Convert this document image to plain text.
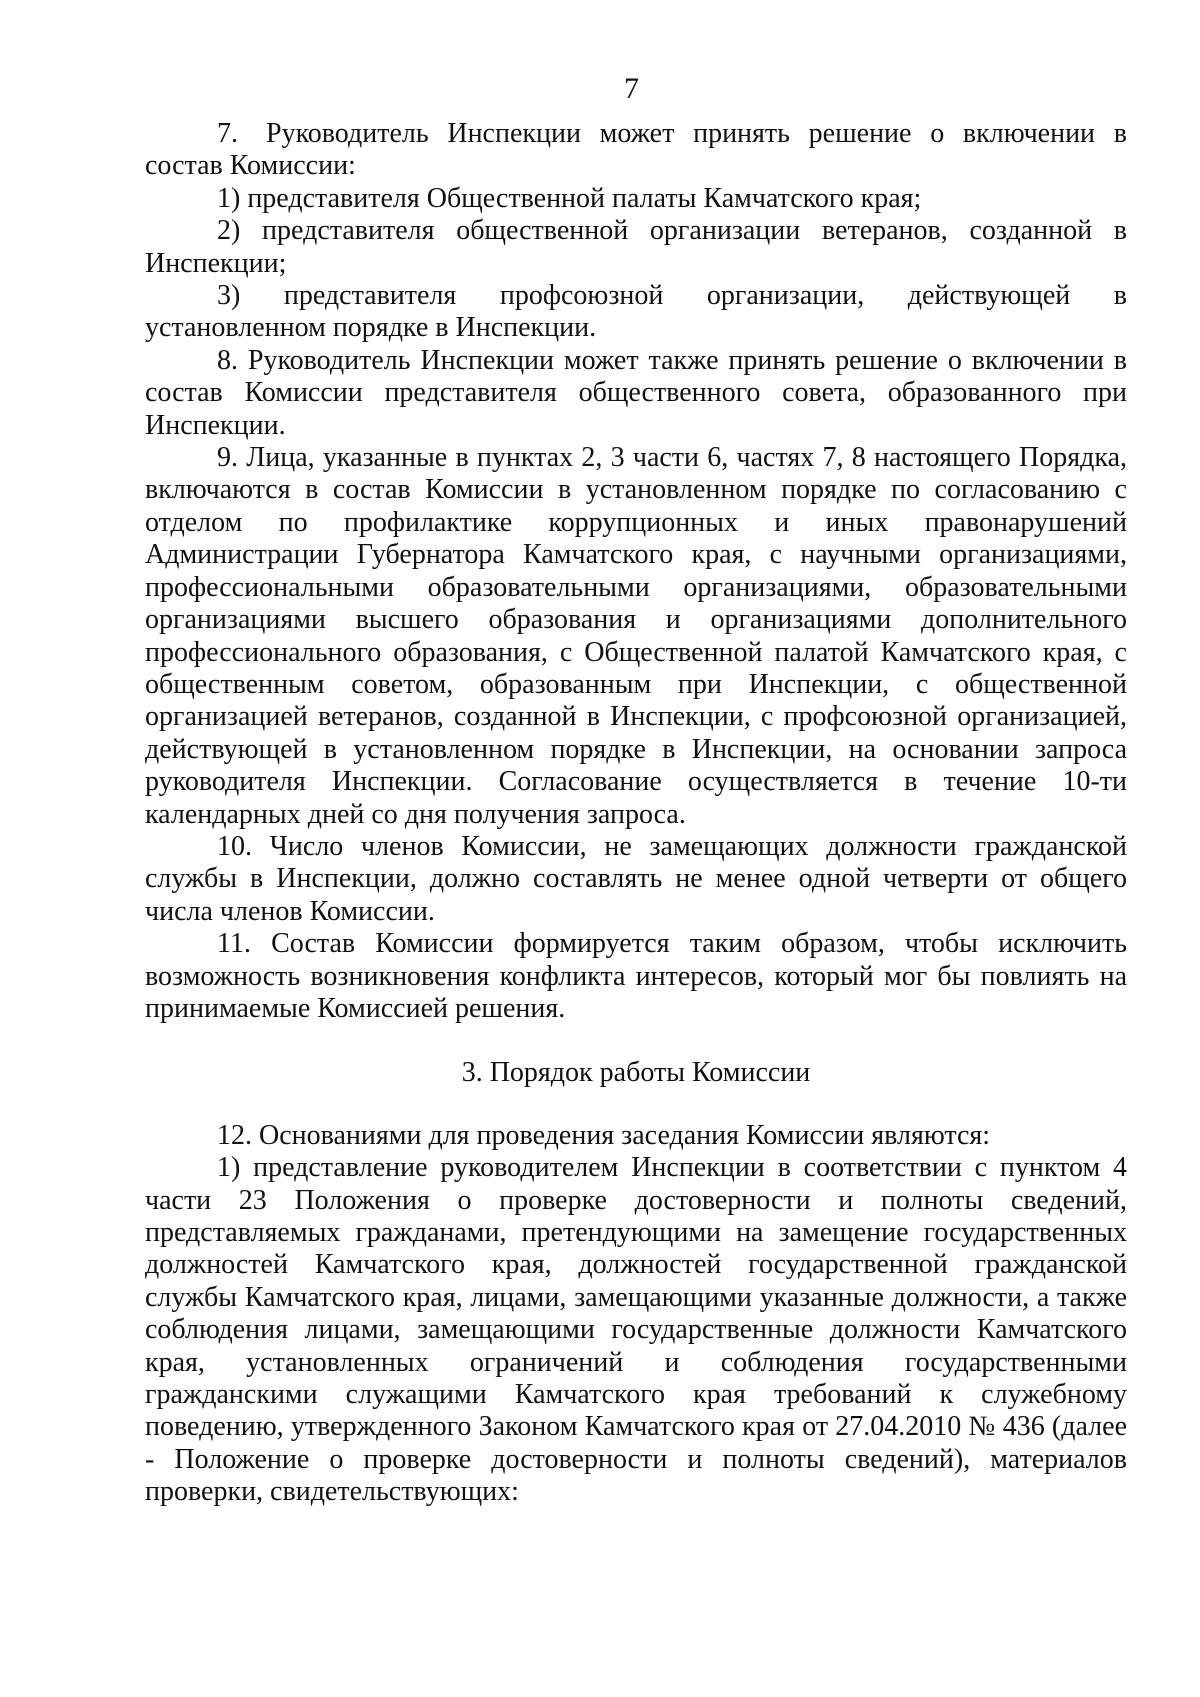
7

7. Руководитель Инспекции может принять решение о включении в состав Комиссии:

1) представителя Общественной палаты Камчатского края;

2) представителя общественной организации ветеранов, созданной в Инспекции;

3) представителя профсоюзной организации, действующей в установленном порядке в Инспекции.

8. Руководитель Инспекции может также принять решение о включении в состав Комиссии представителя общественного совета, образованного при Инспекции.

9. Лица, указанные в пунктах 2, 3 части 6, частях 7, 8 настоящего Порядка, включаются в состав Комиссии в установленном порядке по согласованию с отделом по профилактике коррупционных и иных правонарушений Администрации Губернатора Камчатского края, с научными организациями, профессиональными образовательными организациями, образовательными организациями высшего образования и организациями дополнительного профессионального образования, с Общественной палатой Камчатского края, с общественным советом, образованным при Инспекции, с общественной организацией ветеранов, созданной в Инспекции, с профсоюзной организацией, действующей в установленном порядке в Инспекции, на основании запроса руководителя Инспекции. Согласование осуществляется в течение 10-ти календарных дней со дня получения запроса.

10. Число членов Комиссии, не замещающих должности гражданской службы в Инспекции, должно составлять не менее одной четверти от общего числа членов Комиссии.

11. Состав Комиссии формируется таким образом, чтобы исключить возможность возникновения конфликта интересов, который мог бы повлиять на принимаемые Комиссией решения.

3. Порядок работы Комиссии

12. Основаниями для проведения заседания Комиссии являются:

1) представление руководителем Инспекции в соответствии с пунктом 4 части 23 Положения о проверке достоверности и полноты сведений, представляемых гражданами, претендующими на замещение государственных должностей Камчатского края, должностей государственной гражданской службы Камчатского края, лицами, замещающими указанные должности, а также соблюдения лицами, замещающими государственные должности Камчатского края, установленных ограничений и соблюдения государственными гражданскими служащими Камчатского края требований к служебному поведению, утвержденного Законом Камчатского края от 27.04.2010 № 436 (далее - Положение о проверке достоверности и полноты сведений), материалов проверки, свидетельствующих:
